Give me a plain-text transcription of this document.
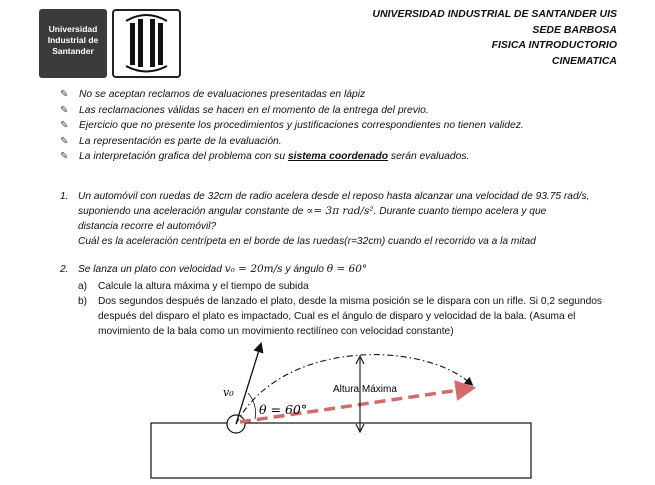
Universidad
Industrial de
Santander
UNIVERSIDAD INDUSTRIAL DE SANTANDER UIS
SEDE BARBOSA
FISICA INTRODUCTORIO
CINEMATICA
✎ No se aceptan reclamos de evaluaciones presentadas en lápiz
✎ Las reclamaciones válidas se hacen en el momento de la entrega del previo.
✎ Ejercicio que no presente los procedimientos y justificaciones correspondientes no tienen validez.
✎ La representación es parte de la evaluación.
✎ La interpretación grafica del problema con su sistema coordenado serán evaluados.
1. Un automóvil con ruedas de 32cm de radio acelera desde el reposo hasta alcanzar una velocidad de 93.75 rad/s,
suponiendo una aceleración angular constante de ∝= 3π rad/s². Durante cuanto tiempo acelera y que
distancia recorre el automóvil?
Cuál es la aceleración centrípeta en el borde de las ruedas(r=32cm) cuando el recorrido va a la mitad
2. Se lanza un plato con velocidad v₀ = 20m/s y ángulo θ = 60°
a) Calcule la altura máxima y el tiempo de subida
b) Dos segundos después de lanzado el plato, desde la misma posición se le dispara con un rifle. Si 0,2 segundos
después del disparo el plato es impactado, Cual es el ángulo de disparo y velocidad de la bala. (Asuma el
movimiento de la bala como un movimiento rectilíneo con velocidad constante)
v₀
θ = 60°
Altura Máxima
